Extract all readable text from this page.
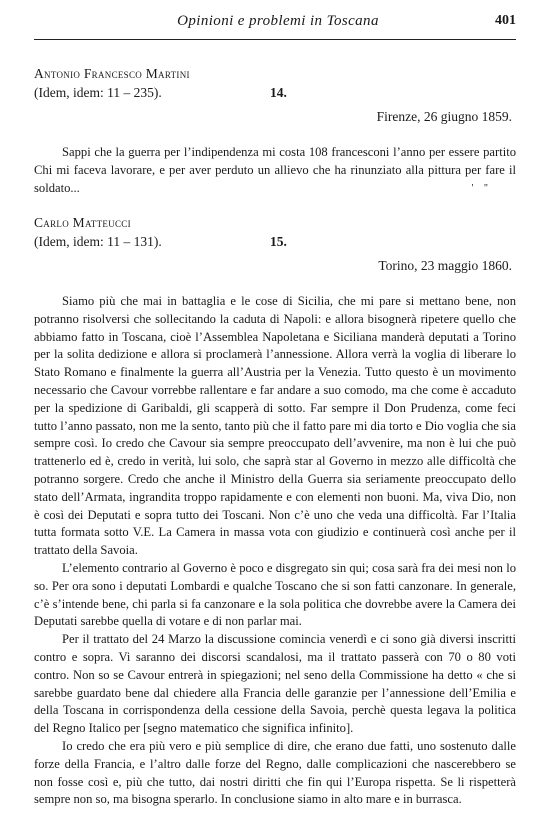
Opinioni e problemi in Toscana	401
Antonio Francesco Martini
(Idem, idem: 11 – 235).	14.
Firenze, 26 giugno 1859.

Sappi che la guerra per l’indipendenza mi costa 108 francesconi l’anno per essere partito Chi mi faceva lavorare, e per aver perduto un allievo che ha rinunziato alla pittura per fare il soldato...	' "
Carlo Matteucci
(Idem, idem: 11 – 131).	15.
Torino, 23 maggio 1860.

Siamo più che mai in battaglia e le cose di Sicilia, che mi pare si mettano bene, non potranno risolversi che sollecitando la caduta di Napoli: e allora bisognerà ripetere quello che abbiamo fatto in Toscana, cioè l’Assemblea Napoletana e Siciliana manderà deputati a Torino per la solita dedizione e allora si proclamerà l’annessione. Allora verrà la voglia di liberare lo Stato Romano e finalmente la guerra all’Austria per la Venezia. Tutto questo è un movimento necessario che Cavour vorrebbe rallentare e far andare a suo comodo, ma che come è accaduto per la spedizione di Garibaldi, gli scapperà di sotto. Far sempre il Don Prudenza, come feci tutto l’anno passato, non me la sento, tanto più che il fatto pare mi dia torto e Dio voglia che sia sempre così. Io credo che Cavour sia sempre preoccupato dell’avvenire, ma non è lui che può trattenerlo ed è, credo in verità, lui solo, che saprà star al Governo in mezzo alle difficoltà che potranno sorgere. Credo che anche il Ministro della Guerra sia seriamente preoccupato dello stato dell’Armata, ingrandita troppo rapidamente e con elementi non buoni. Ma, viva Dio, non è così dei Deputati e sopra tutto dei Toscani. Non c’è uno che veda una difficoltà. Far l’Italia tutta formata sotto V.E. La Camera in massa vota con giudizio e continuerà così anche per il trattato della Savoia.

L’elemento contrario al Governo è poco e disgregato sin qui; cosa sarà fra dei mesi non lo so. Per ora sono i deputati Lombardi e qualche Toscano che si son fatti canzonare. In generale, c’è s’intende bene, chi parla si fa canzonare e la sola politica che dovrebbe avere la Camera dei Deputati sarebbe quella di votare e di non parlar mai.

Per il trattato del 24 Marzo la discussione comincia venerdì e ci sono già diversi inscritti contro e sopra. Vi saranno dei discorsi scandalosi, ma il trattato passerà con 70 o 80 voti contro. Non so se Cavour entrerà in spiegazioni; nel seno della Commissione ha detto « che si sarebbe guardato bene dal chiedere alla Francia delle garanzie per l’annessione dell’Emilia e della Toscana in corrispondenza della cessione della Savoia, perchè questa legava la politica del Regno Italico per [segno matematico che significa infinito].

Io credo che era più vero e più semplice di dire, che erano due fatti, uno sostenuto dalle forze della Francia, e l’altro dalle forze del Regno, dalle complicazioni che nascerebbero se non fosse così e, più che tutto, dai nostri diritti che fin qui l’Europa rispetta. Se li rispetterà sempre non so, ma bisogna sperarlo. In conclusione siamo in alto mare e in burrasca.
